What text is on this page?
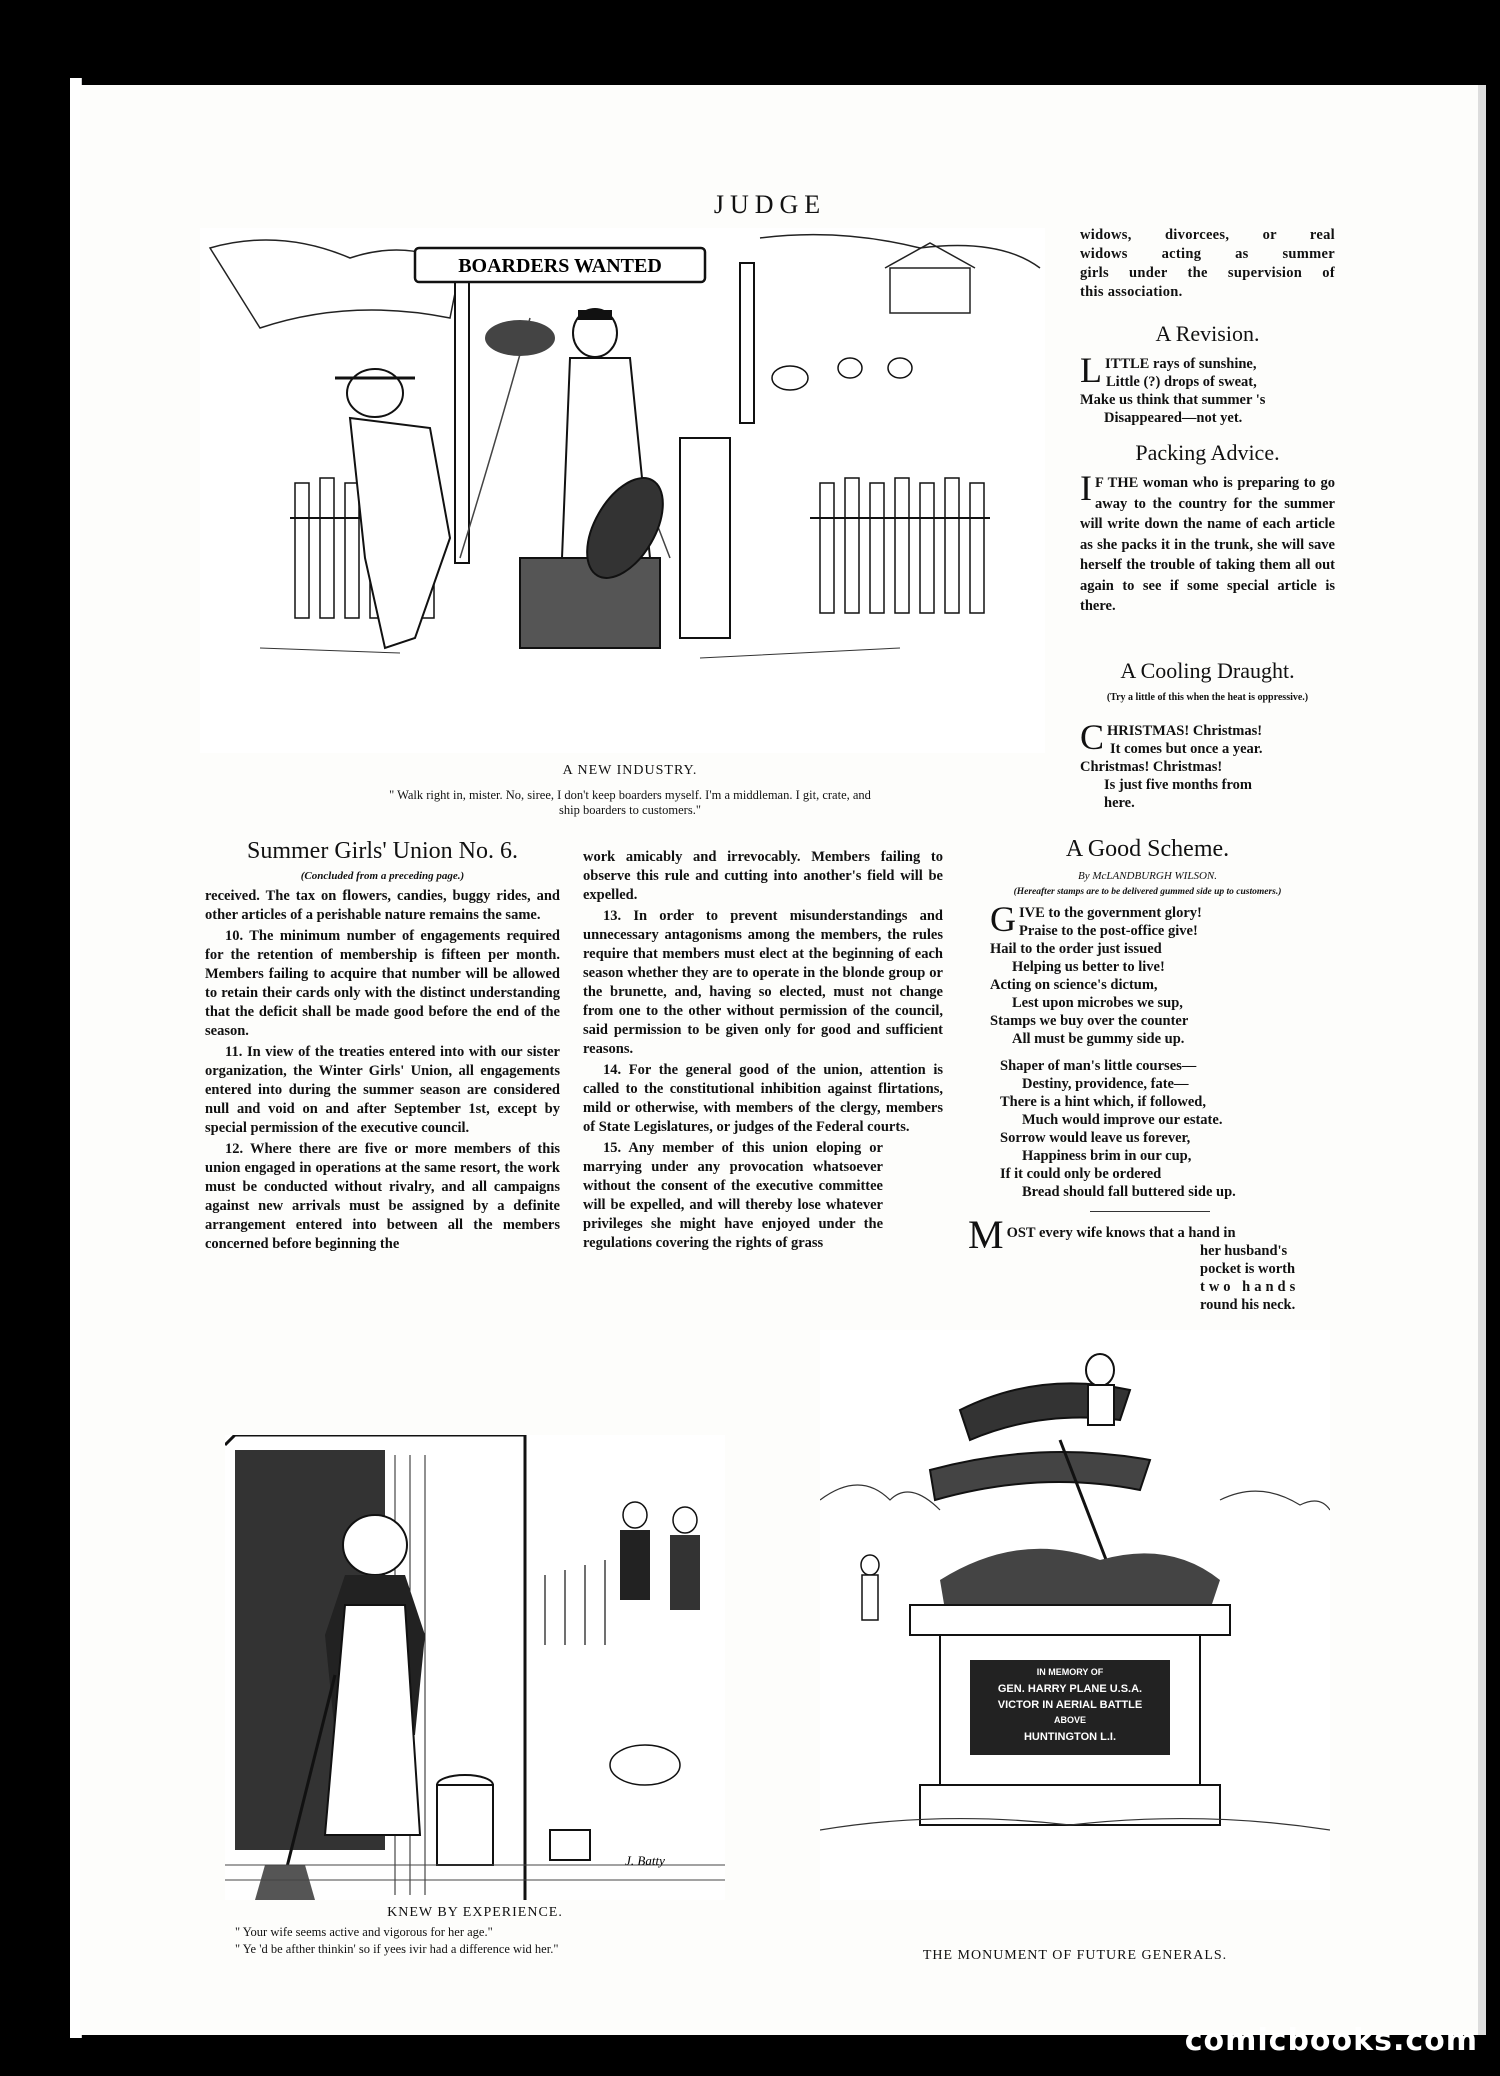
JUDGE
BOARDERS WANTED
A NEW INDUSTRY.
" Walk right in, mister. No, siree, I don't keep boarders myself. I'm a middleman. I git, crate, and
ship boarders to customers."
widows, divorcees, or real
widows acting as summer
girls under the supervision of
this association.
A Revision.
L ITTLE rays of sunshine,
Little (?) drops of sweat,
Make us think that summer 's
Disappeared—not yet.
Packing Advice.
I F THE woman who is preparing to go away to the country for the summer will write down the name of each article as she packs it in the trunk, she will save herself the trouble of taking them all out again to see if some special article is there.
A Cooling Draught.
(Try a little of this when the heat is oppressive.)
C HRISTMAS! Christmas!
It comes but once a year.
Christmas! Christmas!
Is just five months from
here.
Summer Girls' Union No. 6.
(Concluded from a preceding page.)

received. The tax on flowers, candies, buggy rides, and other articles of a perishable nature remains the same.

10. The minimum number of engagements required for the retention of membership is fifteen per month. Members failing to acquire that number will be allowed to retain their cards only with the distinct understanding that the deficit shall be made good before the end of the season.

11. In view of the treaties entered into with our sister organization, the Winter Girls' Union, all engagements entered into during the summer season are considered null and void on and after September 1st, except by special permission of the executive council.

12. Where there are five or more members of this union engaged in operations at the same resort, the work must be conducted without rivalry, and all campaigns against new arrivals must be assigned by a definite arrangement entered into between all the members concerned before beginning the

work amicably and irrevocably. Members failing to observe this rule and cutting into another's field will be expelled.

13. In order to prevent misunderstandings and unnecessary antagonisms among the members, the rules require that members must elect at the beginning of each season whether they are to operate in the blonde group or the brunette, and, having so elected, must not change from one to the other without permission of the council, said permission to be given only for good and sufficient reasons.

14. For the general good of the union, attention is called to the constitutional inhibition against flirtations, mild or otherwise, with members of the clergy, members of State Legislatures, or judges of the Federal courts.

15. Any member of this union eloping or marrying under any provocation whatsoever without the consent of the executive committee will be expelled, and will thereby lose whatever privileges she might have enjoyed under the regulations covering the rights of grass

A Good Scheme.
By McLANDBURGH WILSON.
(Hereafter stamps are to be delivered gummed side up to customers.)
G IVE to the government glory!
Praise to the post-office give!
Hail to the order just issued
Helping us better to live!
Acting on science's dictum,
Lest upon microbes we sup,
Stamps we buy over the counter
All must be gummy side up.
Shaper of man's little courses—
Destiny, providence, fate—
There is a hint which, if followed,
Much would improve our estate.
Sorrow would leave us forever,
Happiness brim in our cup,
If it could only be ordered
Bread should fall buttered side up.
M OST every wife knows that a hand in
her husband's
pocket is worth
two hands
round his neck.
J. Batty
KNEW BY EXPERIENCE.
" Your wife seems active and vigorous for her age."
" Ye 'd be afther thinkin' so if yees ivir had a difference wid her."
IN MEMORY OF
GEN. HARRY PLANE U.S.A.
VICTOR IN AERIAL BATTLE
ABOVE
HUNTINGTON L.I.
THE MONUMENT OF FUTURE GENERALS.
comicbooks.com
